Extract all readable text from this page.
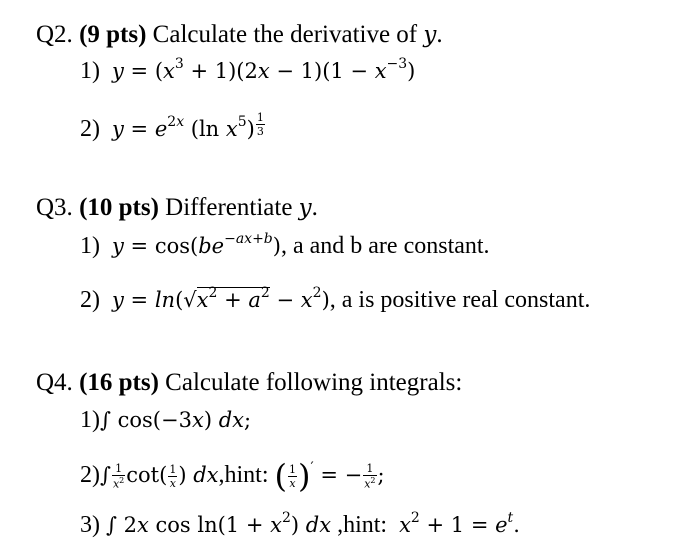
Q2. (9 pts) Calculate the derivative of y.
1) $y = (x^3 + 1)(2x - 1)(1 - x^{-3})$
2) $y = e^{2x}$ (ln $x^5$) $^{\frac{1}{3}}$
Q3. (10 pts) Differentiate y.
1) $y = \cos(be^{-ax+b})$, a and b are constant.
2) $y = \ln(√x^2 + a^2 - x^2)$, a is positive real constant.
Q4. (16 pts) Calculate following integrals:
1)∫ cos(−3x) dx;
$2)\int \frac{1}{x^2} \cot( \frac{1}{x}$ ) dx,hint: ( $\frac{1}{x} )'$ = − $\frac{1}{x^2}$ ;
3) ∫ 2x $\cos \ln(1 + x^2)$ dx ,hint: $x^2 + 1 = e^t$.
